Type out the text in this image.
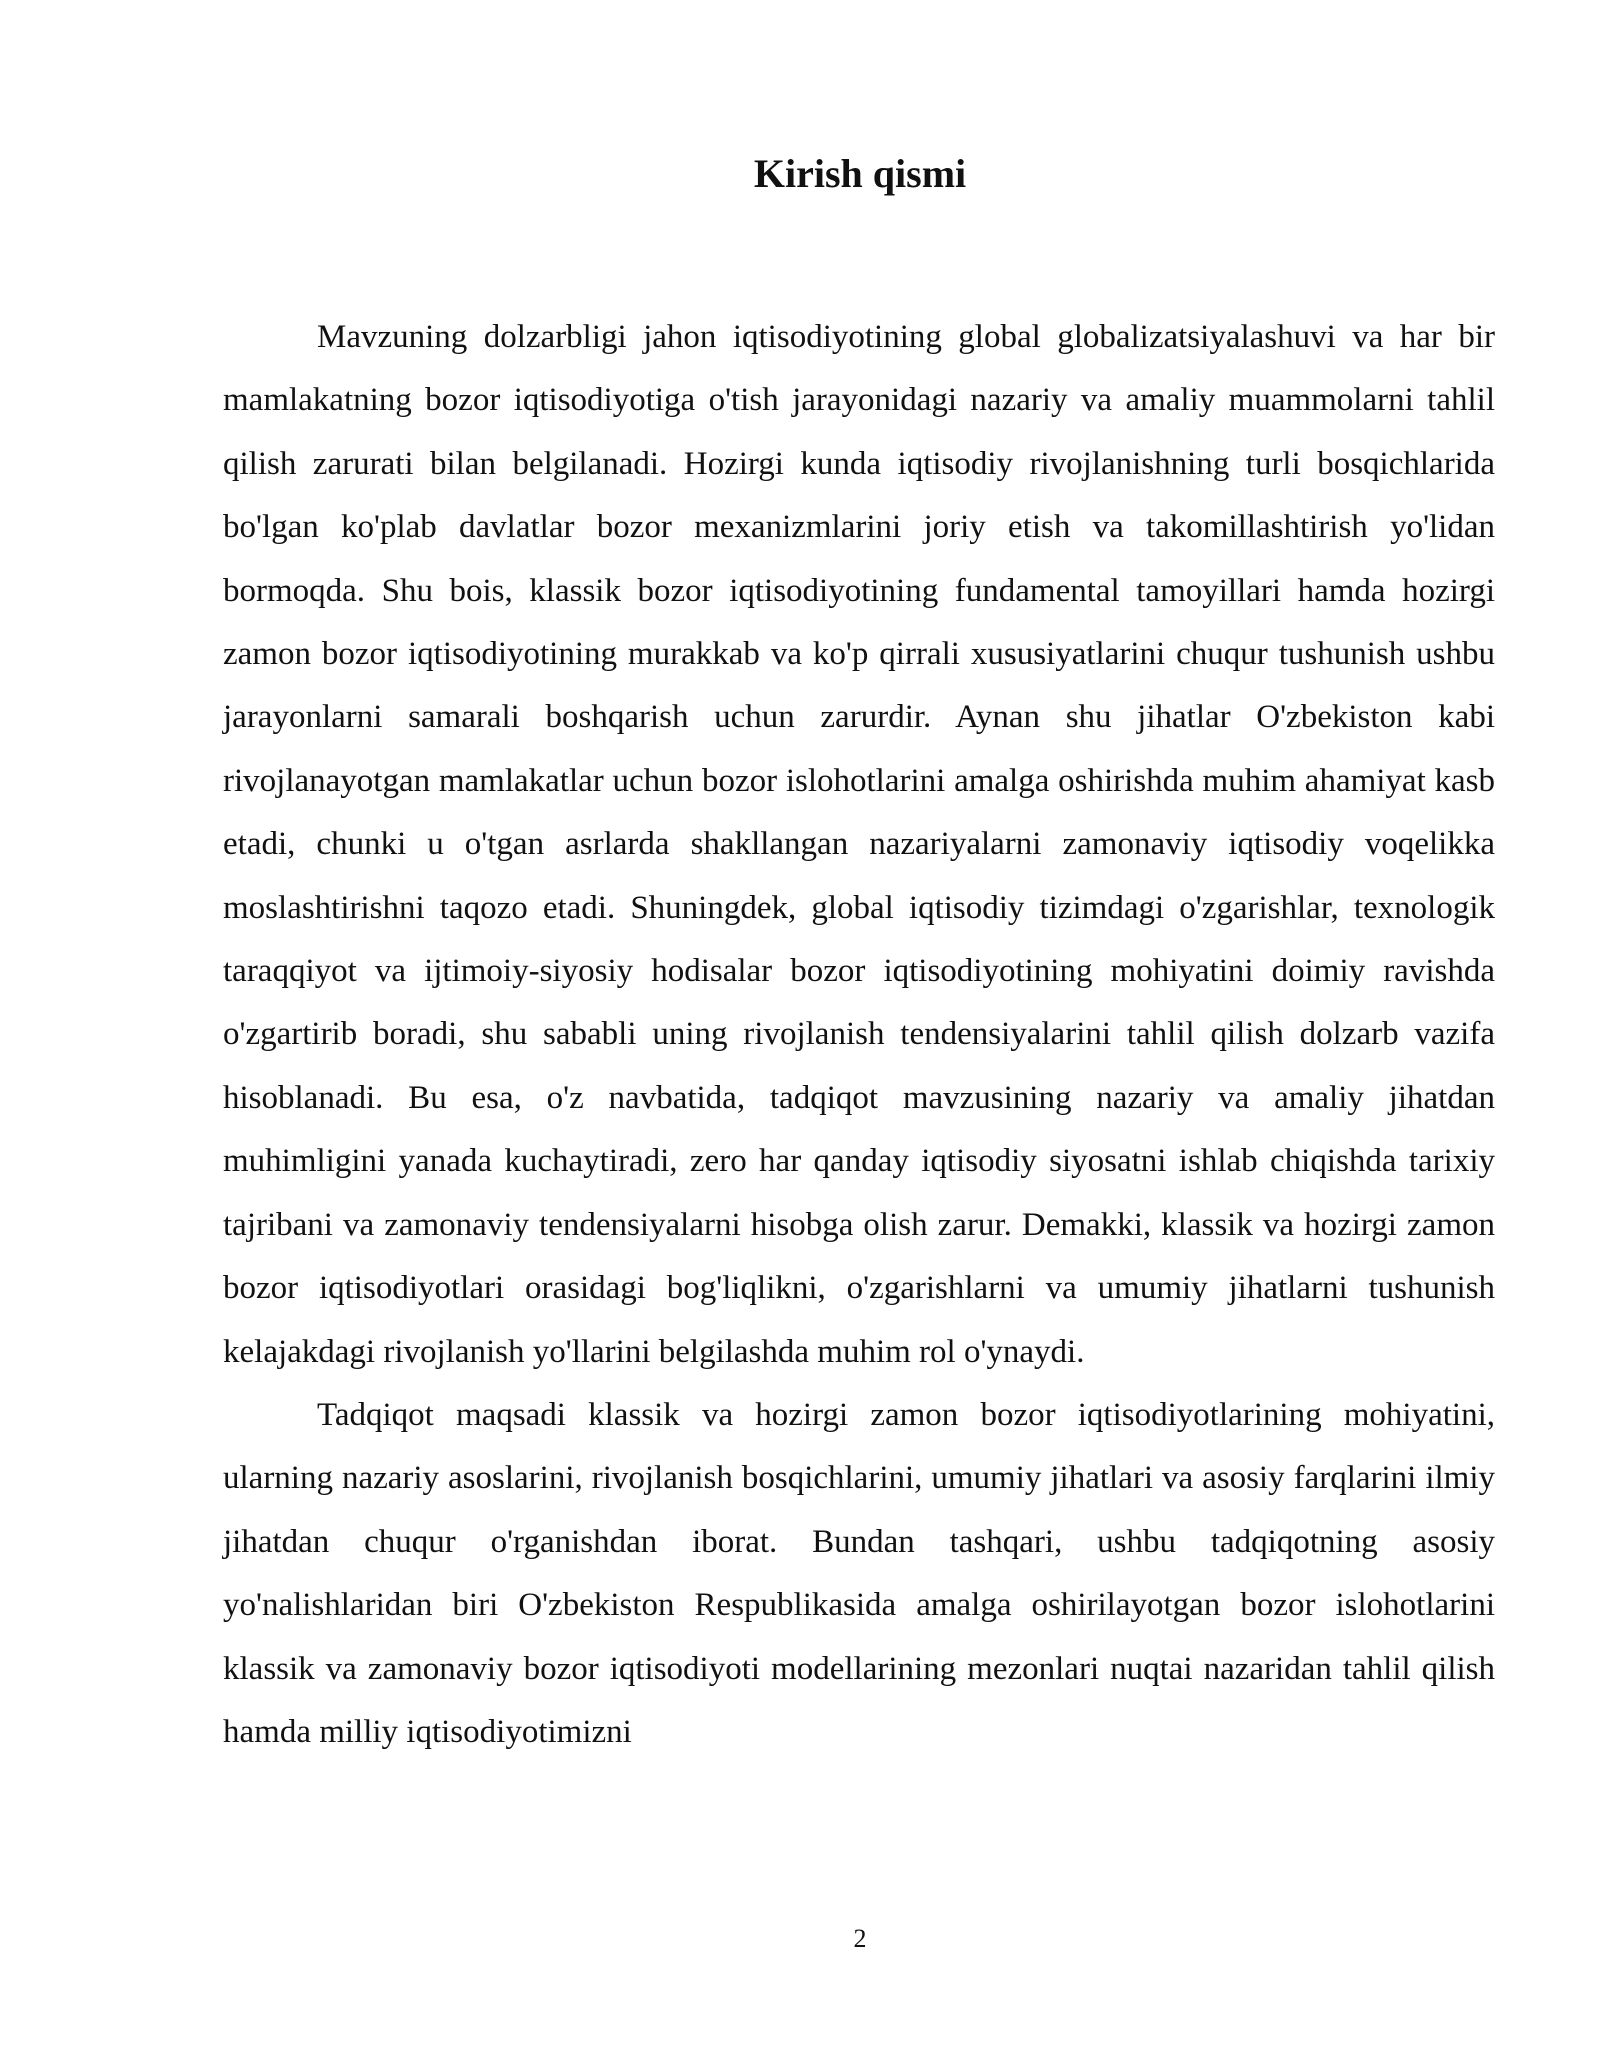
Kirish qismi

Mavzuning dolzarbligi jahon iqtisodiyotining global globalizatsiyalashuvi va har bir mamlakatning bozor iqtisodiyotiga o'tish jarayonidagi nazariy va amaliy muammolarni tahlil qilish zarurati bilan belgilanadi. Hozirgi kunda iqtisodiy rivojlanishning turli bosqichlarida bo'lgan ko'plab davlatlar bozor mexanizmlarini joriy etish va takomillashtirish yo'lidan bormoqda. Shu bois, klassik bozor iqtisodiyotining fundamental tamoyillari hamda hozirgi zamon bozor iqtisodiyotining murakkab va ko'p qirrali xususiyatlarini chuqur tushunish ushbu jarayonlarni samarali boshqarish uchun zarurdir. Aynan shu jihatlar O'zbekiston kabi rivojlanayotgan mamlakatlar uchun bozor islohotlarini amalga oshirishda muhim ahamiyat kasb etadi, chunki u o'tgan asrlarda shakllangan nazariyalarni zamonaviy iqtisodiy voqelikka moslashtirishni taqozo etadi. Shuningdek, global iqtisodiy tizimdagi o'zgarishlar, texnologik taraqqiyot va ijtimoiy-siyosiy hodisalar bozor iqtisodiyotining mohiyatini doimiy ravishda o'zgartirib boradi, shu sababli uning rivojlanish tendensiyalarini tahlil qilish dolzarb vazifa hisoblanadi. Bu esa, o'z navbatida, tadqiqot mavzusining nazariy va amaliy jihatdan muhimligini yanada kuchaytiradi, zero har qanday iqtisodiy siyosatni ishlab chiqishda tarixiy tajribani va zamonaviy tendensiyalarni hisobga olish zarur. Demakki, klassik va hozirgi zamon bozor iqtisodiyotlari orasidagi bog'liqlikni, o'zgarishlarni va umumiy jihatlarni tushunish kelajakdagi rivojlanish yo'llarini belgilashda muhim rol o'ynaydi.

Tadqiqot maqsadi klassik va hozirgi zamon bozor iqtisodiyotlarining mohiyatini, ularning nazariy asoslarini, rivojlanish bosqichlarini, umumiy jihatlari va asosiy farqlarini ilmiy jihatdan chuqur o'rganishdan iborat. Bundan tashqari, ushbu tadqiqotning asosiy yo'nalishlaridan biri O'zbekiston Respublikasida amalga oshirilayotgan bozor islohotlarini klassik va zamonaviy bozor iqtisodiyoti modellarining mezonlari nuqtai nazaridan tahlil qilish hamda milliy iqtisodiyotimizni

2
